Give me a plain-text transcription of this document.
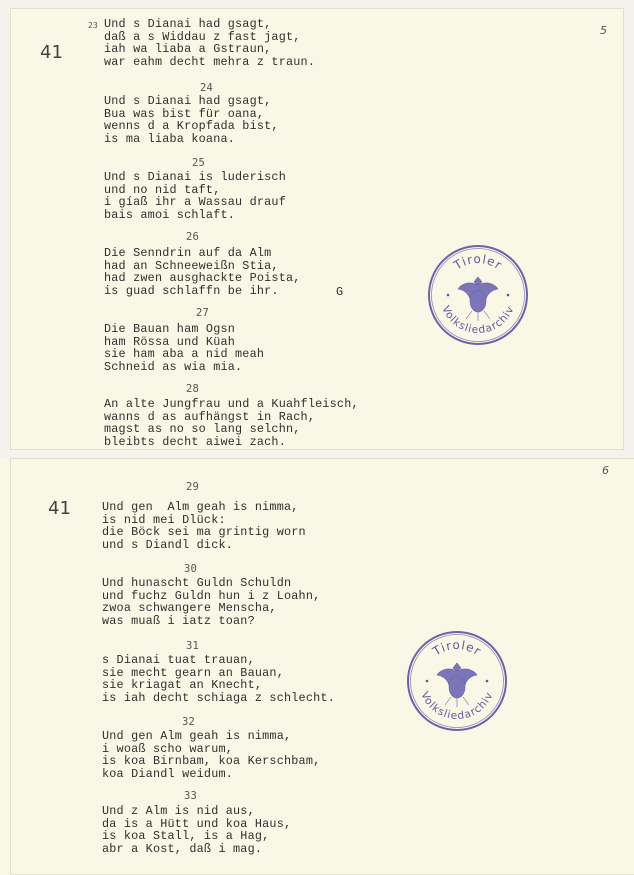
5
41
23 Und s Dianai had gsagt,
daß a s Widdau z fast jagt,
iah wa liaba a Gstraun,
war eahm decht mehra z traun.
24
Und s Dianai had gsagt,
Bua was bist für oana,
wenns d a Kropfada bist,
is ma liaba koana.
25
Und s Dianai is luderisch
und no nid taft,
i gíaß ihr a Wassau drauf
bais amoi schlaft.
26
Die Senndrin auf da Alm
had an Schneeweißn Stia,
had zwen ausghackte Poista,
is guad schlaffn be ihr.	G
27
Die Bauan ham Ogsn
ham Rössa und Küah
sie ham aba a nid meah
Schneid as wia mia.
28
An alte Jungfrau und a Kuahfleisch,
wanns d as aufhängst in Rach,
magst as no so lang selchn,
bleibts decht aiwei zach.
Tiroler
Volksliedarchiv
6
41
29
Und gen  Alm geah is nimma,
is nid mei Dlück:
die Böck sei ma grintig worn
und s Diandl dick.
30
Und hunascht Guldn Schuldn
und fuchz Guldn hun i z Loahn,
zwoa schwangere Menscha,
was muaß i iatz toan?
31
s Dianai tuat trauan,
sie mecht gearn an Bauan,
sie kriagat an Knecht,
is iah decht schiaga z schlecht.
32
Und gen Alm geah is nimma,
i woaß scho warum,
is koa Birnbam, koa Kerschbam,
koa Diandl weidum.
33
Und z Alm is nid aus,
da is a Hütt und koa Haus,
is koa Stall, is a Hag,
abr a Kost, daß i mag.
Tiroler
Volksliedarchiv
